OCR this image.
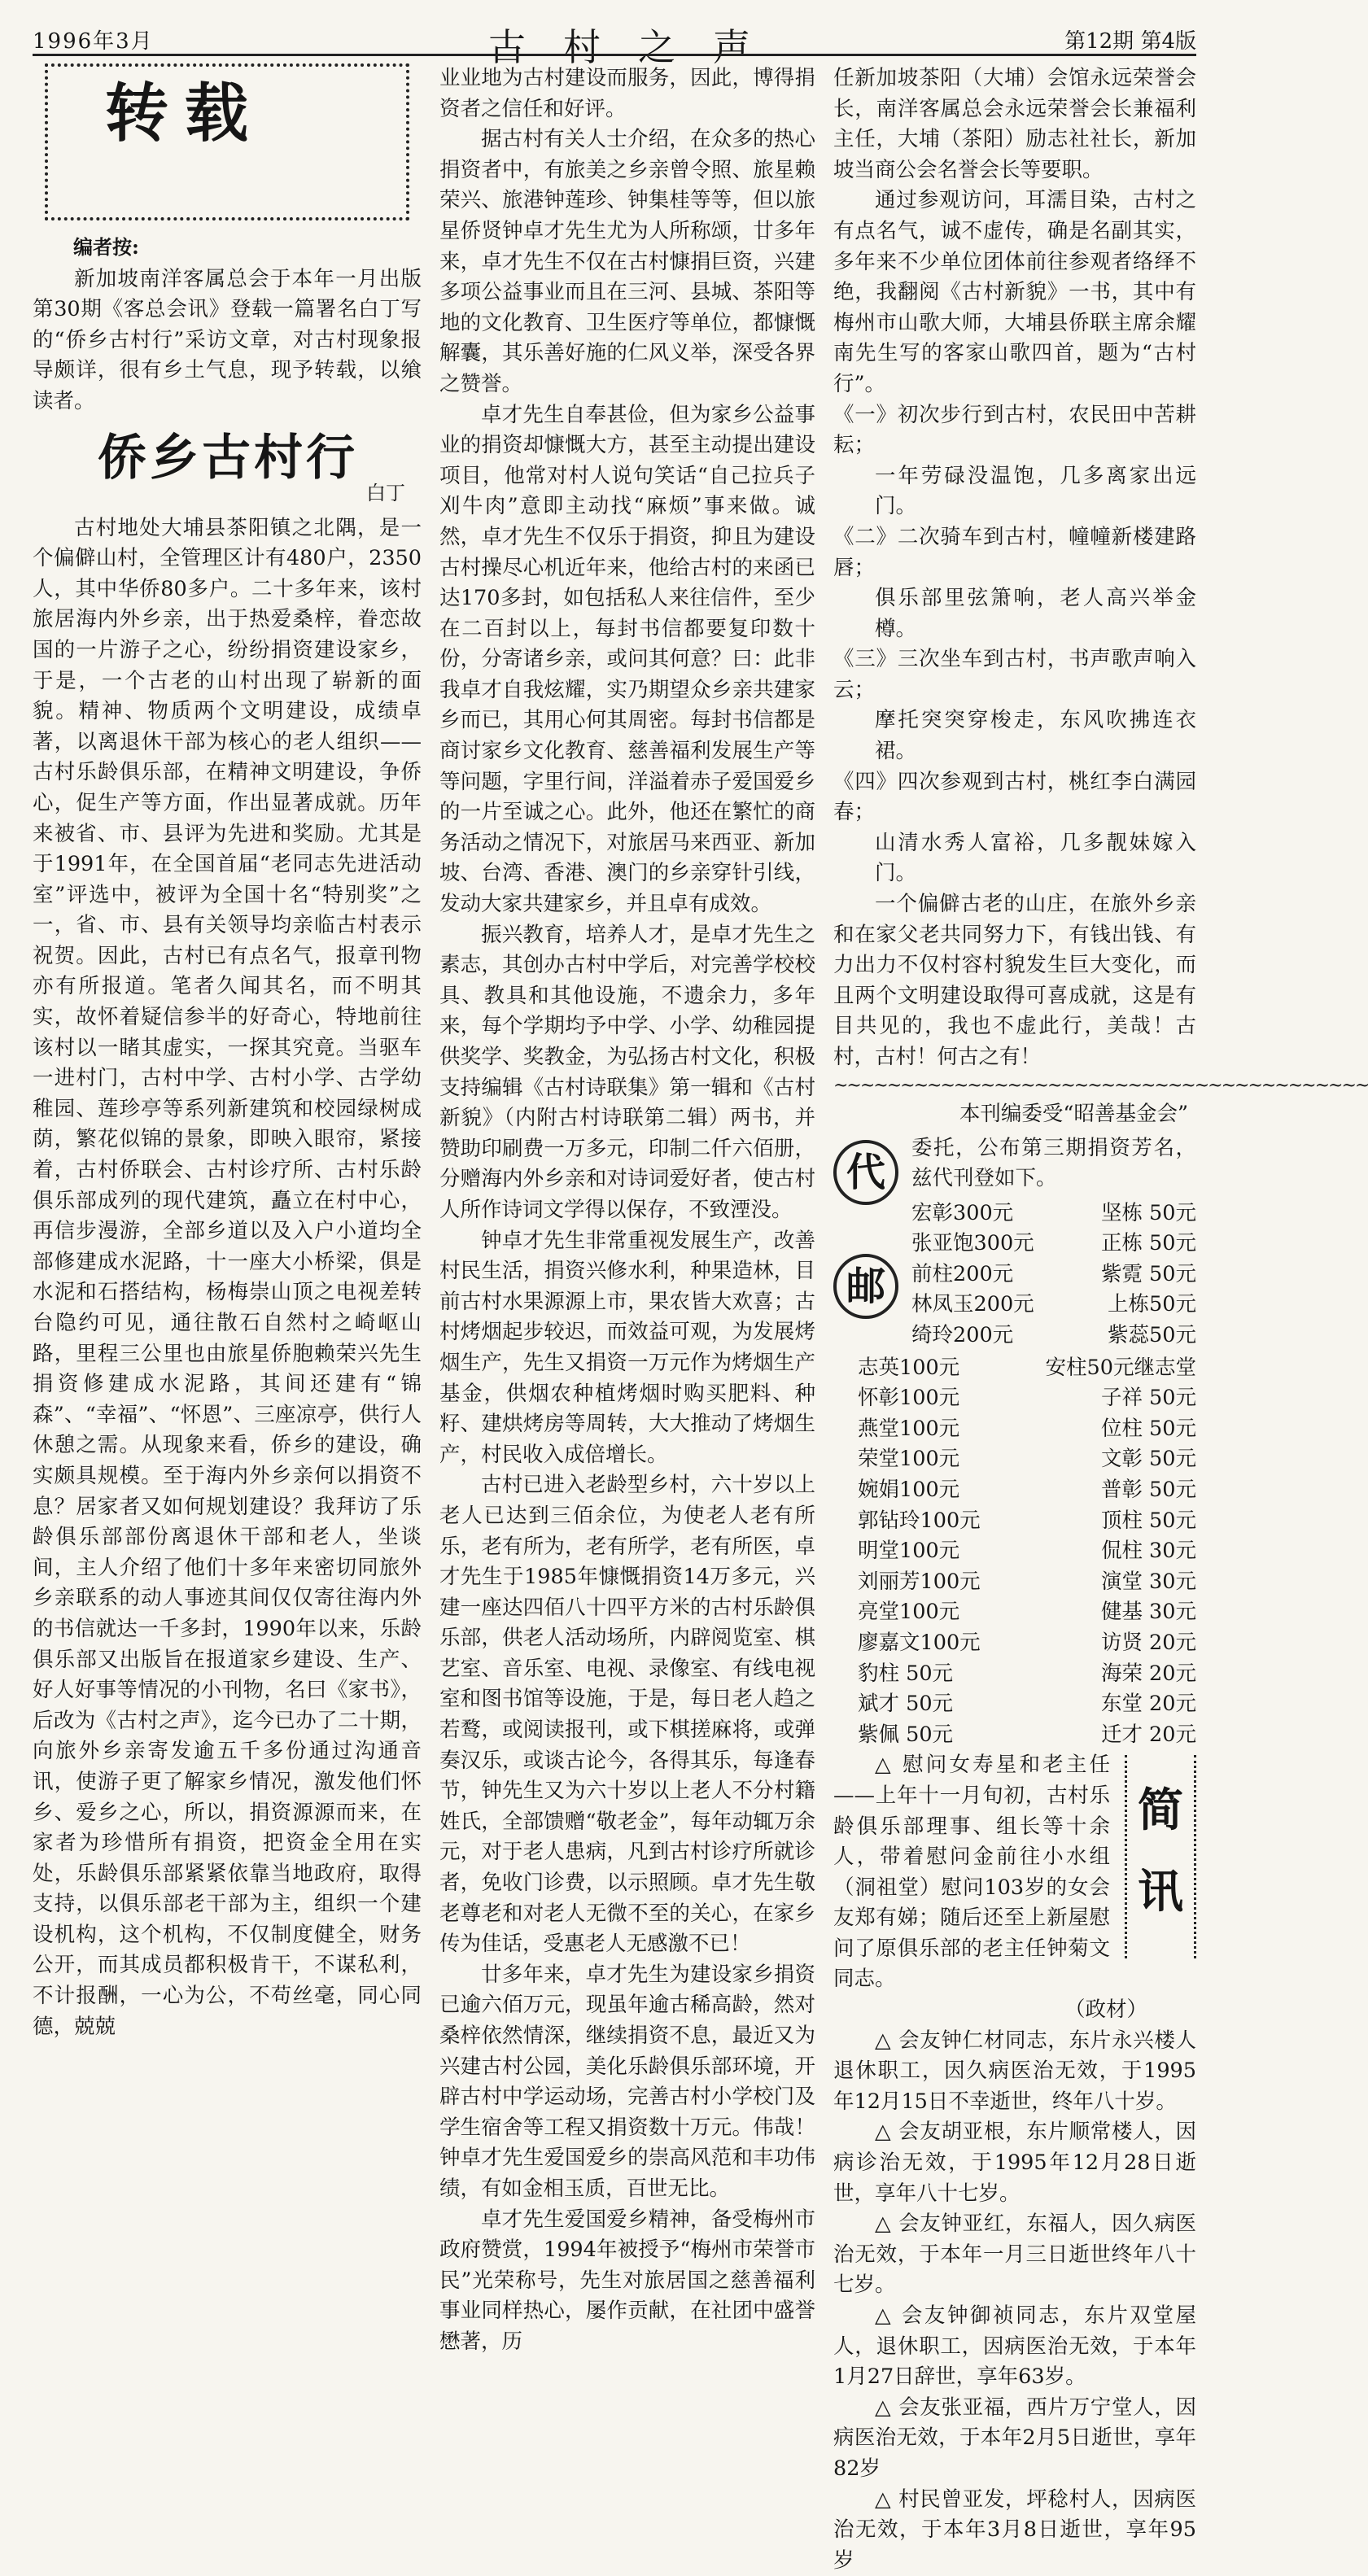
1996年3月	古村之声	第12期 第4版
转载
编者按:

新加坡南洋客属总会于本年一月出版第30期《客总会讯》登载一篇署名白丁写的“侨乡古村行”采访文章，对古村现象报导颇详，很有乡土气息，现予转载，以飨读者。

侨乡古村行
白丁

古村地处大埔县茶阳镇之北隅，是一个偏僻山村，全管理区计有480户，2350人，其中华侨80多户。二十多年来，该村旅居海内外乡亲，出于热爱桑梓，眷恋故国的一片游子之心，纷纷捐资建设家乡，于是，一个古老的山村出现了崭新的面貌。精神、物质两个文明建设，成绩卓著，以离退休干部为核心的老人组织——古村乐龄俱乐部，在精神文明建设，争侨心，促生产等方面，作出显著成就。历年来被省、市、县评为先进和奖励。尤其是于1991年，在全国首届“老同志先进活动室”评选中，被评为全国十名“特别奖”之一，省、市、县有关领导均亲临古村表示祝贺。因此，古村已有点名气，报章刊物亦有所报道。笔者久闻其名，而不明其实，故怀着疑信参半的好奇心，特地前往该村以一睹其虚实，一探其究竟。当驱车一进村门，古村中学、古村小学、古学幼稚园、莲珍亭等系列新建筑和校园绿树成荫，繁花似锦的景象，即映入眼帘，紧接着，古村侨联会、古村诊疗所、古村乐龄俱乐部成列的现代建筑，矗立在村中心，再信步漫游，全部乡道以及入户小道均全部修建成水泥路，十一座大小桥梁，俱是水泥和石搭结构，杨梅崇山顶之电视差转台隐约可见，通往散石自然村之崎岖山路，里程三公里也由旅星侨胞赖荣兴先生捐资修建成水泥路，其间还建有“锦森”、“幸福”、“怀恩”、三座凉亭，供行人休憩之需。从现象来看，侨乡的建设，确实颇具规模。至于海内外乡亲何以捐资不息？居家者又如何规划建设？我拜访了乐龄俱乐部部份离退休干部和老人，坐谈间，主人介绍了他们十多年来密切同旅外乡亲联系的动人事迹其间仅仅寄往海内外的书信就达一千多封，1990年以来，乐龄俱乐部又出版旨在报道家乡建设、生产、好人好事等情况的小刊物，名曰《家书》，后改为《古村之声》，迄今已办了二十期，向旅外乡亲寄发逾五千多份通过沟通音讯，使游子更了解家乡情况，激发他们怀乡、爱乡之心，所以，捐资源源而来，在家者为珍惜所有捐资，把资金全用在实处，乐龄俱乐部紧紧依靠当地政府，取得支持，以俱乐部老干部为主，组织一个建设机构，这个机构，不仅制度健全，财务公开，而其成员都积极肯干，不谋私利，不计报酬，一心为公，不苟丝毫，同心同德，兢兢

业业地为古村建设而服务，因此，博得捐资者之信任和好评。

据古村有关人士介绍，在众多的热心捐资者中，有旅美之乡亲曾令照、旅星赖荣兴、旅港钟莲珍、钟集桂等等，但以旅星侨贤钟卓才先生尤为人所称颂，廿多年来，卓才先生不仅在古村慷捐巨资，兴建多项公益事业而且在三河、县城、茶阳等地的文化教育、卫生医疗等单位，都慷慨解囊，其乐善好施的仁风义举，深受各界之赞誉。

卓才先生自奉甚俭，但为家乡公益事业的捐资却慷慨大方，甚至主动提出建设项目，他常对村人说句笑话“自己拉兵子刈牛肉”意即主动找“麻烦”事来做。诚然，卓才先生不仅乐于捐资，抑且为建设古村操尽心机近年来，他给古村的来函已达170多封，如包括私人来往信件，至少在二百封以上，每封书信都要复印数十份，分寄诸乡亲，或问其何意？曰：此非我卓才自我炫耀，实乃期望众乡亲共建家乡而已，其用心何其周密。每封书信都是商讨家乡文化教育、慈善福利发展生产等等问题，字里行间，洋溢着赤子爱国爱乡的一片至诚之心。此外，他还在繁忙的商务活动之情况下，对旅居马来西亚、新加坡、台湾、香港、澳门的乡亲穿针引线，发动大家共建家乡，并且卓有成效。

振兴教育，培养人才，是卓才先生之素志，其创办古村中学后，对完善学校校具、教具和其他设施，不遗余力，多年来，每个学期均予中学、小学、幼稚园提供奖学、奖教金，为弘扬古村文化，积极支持编辑《古村诗联集》第一辑和《古村新貌》（内附古村诗联第二辑）两书，并赞助印刷费一万多元，印制二仟六佰册，分赠海内外乡亲和对诗词爱好者，使古村人所作诗词文学得以保存，不致湮没。

钟卓才先生非常重视发展生产，改善村民生活，捐资兴修水利，种果造林，目前古村水果源源上市，果农皆大欢喜；古村烤烟起步较迟，而效益可观，为发展烤烟生产，先生又捐资一万元作为烤烟生产基金，供烟农种植烤烟时购买肥料、种籽、建烘烤房等周转，大大推动了烤烟生产，村民收入成倍增长。

古村已进入老龄型乡村，六十岁以上老人已达到三佰余位，为使老人老有所乐，老有所为，老有所学，老有所医，卓才先生于1985年慷慨捐资14万多元，兴建一座达四佰八十四平方米的古村乐龄俱乐部，供老人活动场所，内辟阅览室、棋艺室、音乐室、电视、录像室、有线电视室和图书馆等设施，于是，每日老人趋之若鹜，或阅读报刊，或下棋搓麻将，或弹奏汉乐，或谈古论今，各得其乐，每逢春节，钟先生又为六十岁以上老人不分村籍姓氏，全部馈赠“敬老金”，每年动辄万余元，对于老人患病，凡到古村诊疗所就诊者，免收门诊费，以示照顾。卓才先生敬老尊老和对老人无微不至的关心，在家乡传为佳话，受惠老人无感激不已！

廿多年来，卓才先生为建设家乡捐资已逾六佰万元，现虽年逾古稀高龄，然对桑梓依然情深，继续捐资不息，最近又为兴建古村公园，美化乐龄俱乐部环境，开辟古村中学运动场，完善古村小学校门及学生宿舍等工程又捐资数十万元。伟哉！钟卓才先生爱国爱乡的崇高风范和丰功伟绩，有如金相玉质，百世无比。

卓才先生爱国爱乡精神，备受梅州市政府赞赏，1994年被授予“梅州市荣誉市民”光荣称号，先生对旅居国之慈善福利事业同样热心，屡作贡献，在社团中盛誉懋著，历

任新加坡茶阳（大埔）会馆永远荣誉会长，南洋客属总会永远荣誉会长兼福利主任，大埔（茶阳）励志社社长，新加坡当商公会名誉会长等要职。

通过参观访问，耳濡目染，古村之有点名气，诚不虚传，确是名副其实，多年来不少单位团体前往参观者络绎不绝，我翻阅《古村新貌》一书，其中有梅州市山歌大师，大埔县侨联主席余耀南先生写的客家山歌四首，题为“古村行”。

《一》初次步行到古村，农民田中苦耕耘；

一年劳碌没温饱，几多离家出远门。

《二》二次骑车到古村，幢幢新楼建路唇；

俱乐部里弦箫响，老人高兴举金樽。

《三》三次坐车到古村，书声歌声响入云；

摩托突突穿梭走，东风吹拂连衣裙。

《四》四次参观到古村，桃红李白满园春；

山清水秀人富裕，几多靓妹嫁入门。

一个偏僻古老的山庄，在旅外乡亲和在家父老共同努力下，有钱出钱、有力出力不仅村容村貌发生巨大变化，而且两个文明建设取得可喜成就，这是有目共见的，我也不虚此行，美哉！古村，古村！何古之有！

~~~~~~~~~~~~~~~~~~~~~~~~~~~~~~~~~~~~~~~~
本刊编委受“昭善基金会”
代
邮

委托，公布第三期捐资芳名，兹代刊登如下。

宏彰300元	坚栋 50元
张亚饱300元	正栋 50元
前柱200元	紫霓 50元
林凤玉200元	上栋50元
绮玲200元	紫蕊50元
志英100元	安柱50元继志堂
怀彰100元	子祥 50元
燕堂100元	位柱 50元
荣堂100元	文彰 50元
婉娟100元	普彰 50元
郭钻玲100元	顶柱 50元
明堂100元	侃柱 30元
刘丽芳100元	演堂 30元
亮堂100元	健基 30元
廖嘉文100元	访贤 20元
豹柱 50元	海荣 20元
斌才 50元	东堂 20元
紫佩 50元	迁才 20元
简讯

△ 慰问女寿星和老主任——上年十一月旬初，古村乐龄俱乐部理事、组长等十余人，带着慰问金前往小水组（洞祖堂）慰问103岁的女会友郑有娣；随后还至上新屋慰问了原俱乐部的老主任钟菊文同志。

（政材）

△ 会友钟仁材同志，东片永兴楼人退休职工，因久病医治无效，于1995年12月15日不幸逝世，终年八十岁。

△ 会友胡亚根，东片顺常楼人，因病诊治无效，于1995年12月28日逝世，享年八十七岁。

△ 会友钟亚红，东福人，因久病医治无效，于本年一月三日逝世终年八十七岁。

△ 会友钟御祯同志，东片双堂屋人，退休职工，因病医治无效，于本年1月27日辞世，享年63岁。

△ 会友张亚福，西片万宁堂人，因病医治无效，于本年2月5日逝世，享年82岁

△ 村民曾亚发，坪稔村人，因病医治无效，于本年3月8日逝世，享年95岁
